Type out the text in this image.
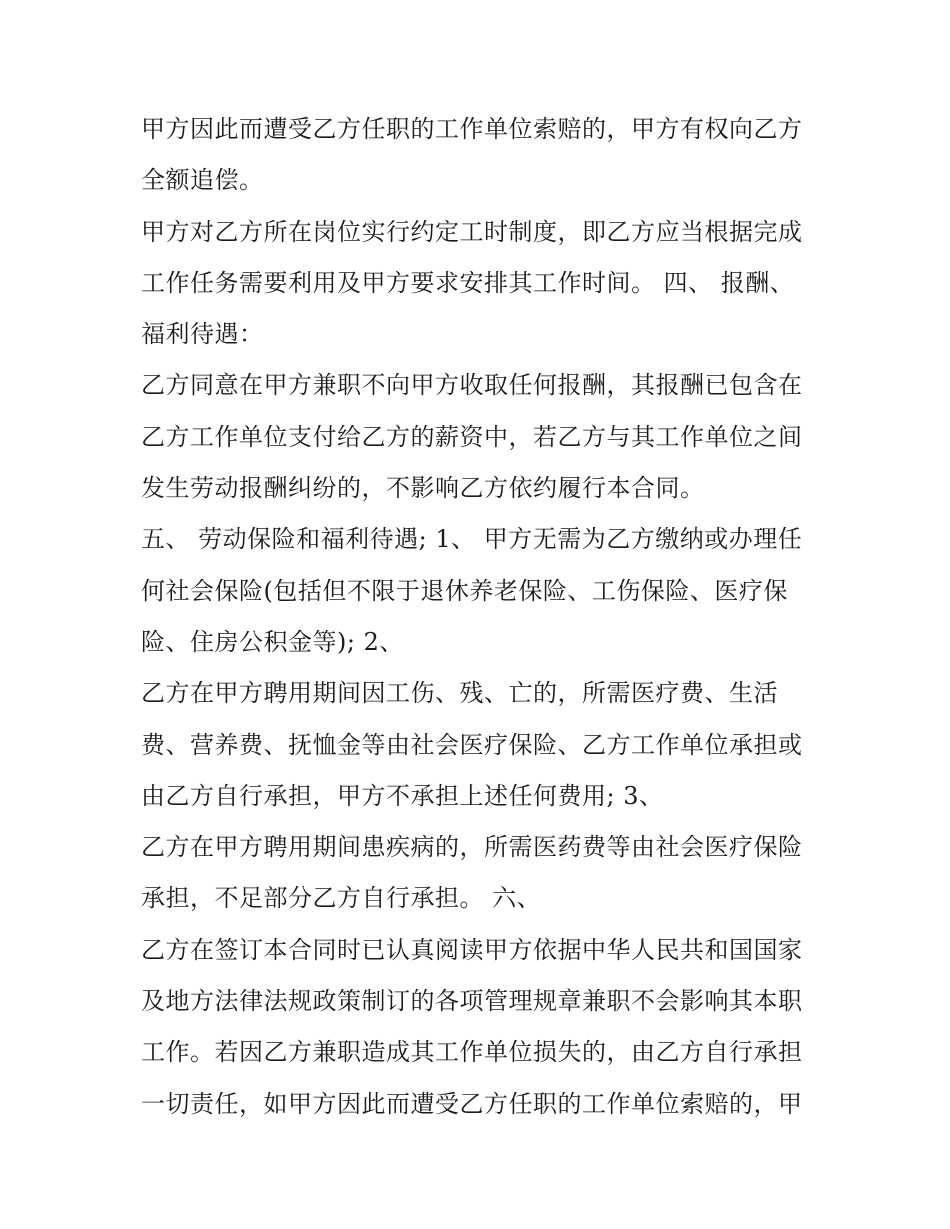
甲方因此而遭受乙方任职的工作单位索赔的，甲方有权向乙方
全额追偿。
甲方对乙方所在岗位实行约定工时制度，即乙方应当根据完成
工作任务需要利用及甲方要求安排其工作时间。 四、 报酬、
福利待遇：
乙方同意在甲方兼职不向甲方收取任何报酬，其报酬已包含在
乙方工作单位支付给乙方的薪资中，若乙方与其工作单位之间
发生劳动报酬纠纷的，不影响乙方依约履行本合同。
五、 劳动保险和福利待遇; 1、 甲方无需为乙方缴纳或办理任
何社会保险(包括但不限于退休养老保险、工伤保险、医疗保
险、住房公积金等); 2、
乙方在甲方聘用期间因工伤、残、亡的，所需医疗费、生活
费、营养费、抚恤金等由社会医疗保险、乙方工作单位承担或
由乙方自行承担，甲方不承担上述任何费用; 3、
乙方在甲方聘用期间患疾病的，所需医药费等由社会医疗保险
承担，不足部分乙方自行承担。 六、
乙方在签订本合同时已认真阅读甲方依据中华人民共和国国家
及地方法律法规政策制订的各项管理规章兼职不会影响其本职
工作。若因乙方兼职造成其工作单位损失的，由乙方自行承担
一切责任，如甲方因此而遭受乙方任职的工作单位索赔的，甲
